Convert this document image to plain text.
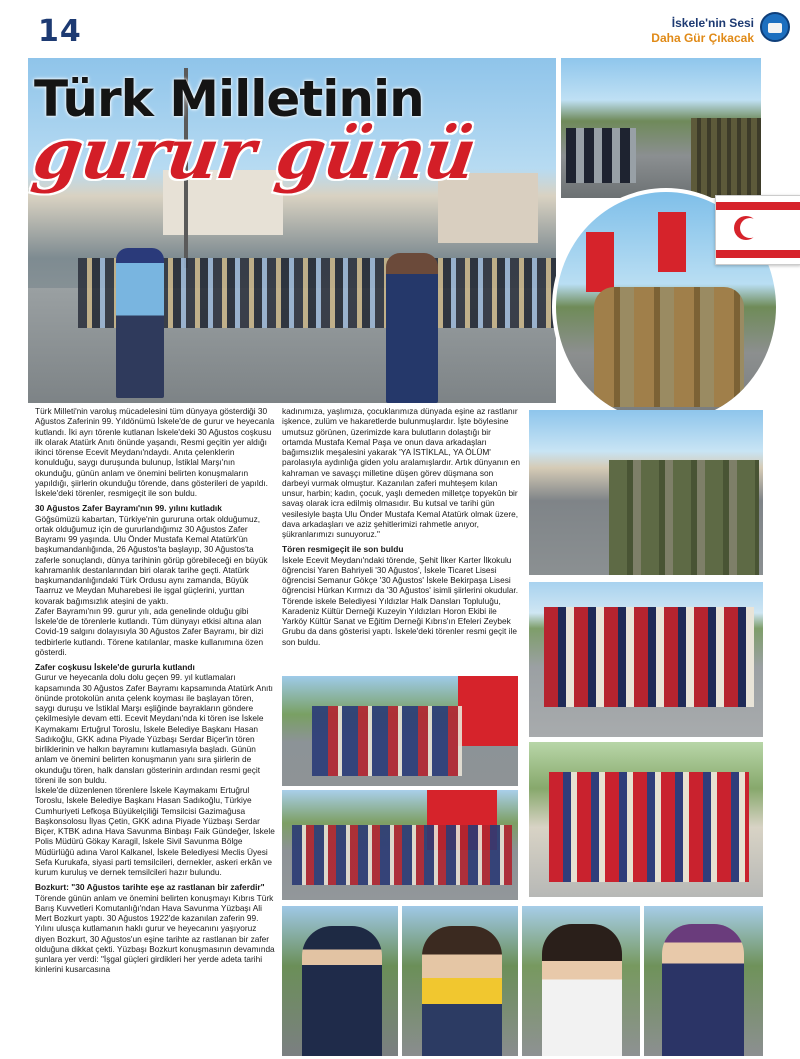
14	İskele'nin Sesi
Daha Gür Çıkacak
Türk Milletinin
gurur günü

Türk Milleti'nin varoluş mücadelesini tüm dünyaya gösterdiği 30 Ağustos Zaferinin 99. Yıldönümü İskele'de de gurur ve heyecanla kutlandı. İki ayrı törenle kutlanan İskele'deki 30 Ağustos coşkusu ilk olarak Atatürk Anıtı önünde yaşandı, Resmi geçitin yer aldığı ikinci törense Ecevit Meydanı'ndaydı. Anıta çelenklerin konulduğu, saygı duruşunda bulunup, İstiklal Marşı'nın okunduğu, günün anlam ve önemini belirten konuşmaların yapıldığı, şiirlerin okunduğu törende, dans gösterileri de yapıldı. İskele'deki törenler, resmigeçit ile son buldu.

30 Ağustos Zafer Bayramı'nın 99. yılını kutladık

Göğsümüzü kabartan, Türkiye'nin gururuna ortak olduğumuz, ortak olduğumuz için de gururlandığımız 30 Ağustos Zafer Bayramı 99 yaşında. Ulu Önder Mustafa Kemal Atatürk'ün başkumandanlığında, 26 Ağustos'ta başlayıp, 30 Ağustos'ta zaferle sonuçlandı, dünya tarihinin görüp görebileceği en büyük kahramanlık destanlarından biri olarak tarihe geçti. Atatürk başkumandanlığındaki Türk Ordusu aynı zamanda, Büyük Taarruz ve Meydan Muharebesi ile işgal güçlerini, yurttan kovarak bağımsızlık ateşini de yaktı.

Zafer Bayramı'nın 99. gurur yılı, ada genelinde olduğu gibi İskele'de de törenlerle kutlandı. Tüm dünyayı etkisi altına alan Covid-19 salgını dolayısıyla 30 Ağustos Zafer Bayramı, bir dizi tedbirlerle kutlandı. Törene katılanlar, maske kullanımına özen gösterdi.

Zafer coşkusu İskele'de gururla kutlandı

Gurur ve heyecanla dolu dolu geçen 99. yıl kutlamaları kapsamında 30 Ağustos Zafer Bayramı kapsamında Atatürk Anıtı önünde protokolün anıta çelenk koyması ile başlayan tören, saygı duruşu ve İstiklal Marşı eşliğinde bayrakların göndere çekilmesiyle devam etti. Ecevit Meydanı'nda ki tören ise İskele Kaymakamı Ertuğrul Toroslu, İskele Belediye Başkanı Hasan Sadıkoğlu, GKK adına Piyade Yüzbaşı Serdar Biçer'in tören birliklerinin ve halkın bayramını kutlamasıyla başladı. Günün anlam ve önemini belirten konuşmanın yanı sıra şiirlerin de okunduğu tören, halk dansları gösterinin ardından resmi geçit töreni ile son buldu.

İskele'de düzenlenen törenlere İskele Kaymakamı Ertuğrul Toroslu, İskele Belediye Başkanı Hasan Sadıkoğlu, Türkiye Cumhuriyeti Lefkoşa Büyükelçiliği Temsilcisi Gazimağusa Başkonsolosu İlyas Çetin, GKK adına Piyade Yüzbaşı Serdar Biçer, KTBK adına Hava Savunma Binbaşı Faik Gündeğer, İskele Polis Müdürü Gökay Karagil, İskele Sivil Savunma Bölge Müdürlüğü adına Varol Kalkanel, İskele Belediyesi Meclis Üyesi Sefa Kurukafa, siyasi parti temsilcileri, dernekler, askeri erkân ve kurum kuruluş ve dernek temsilcileri hazır bulundu.

Bozkurt: "30 Ağustos tarihte eşe az rastlanan bir zaferdir"

Törende günün anlam ve önemini belirten konuşmayı Kıbrıs Türk Barış Kuvvetleri Komutanlığı'ndan Hava Savunma Yüzbaşı Ali Mert Bozkurt yaptı. 30 Ağustos 1922'de kazanılan zaferin 99. Yılını ulusça kutlamanın haklı gurur ve heyecanını yaşıyoruz diyen Bozkurt, 30 Ağustos'un eşine tarihte az rastlanan bir zafer olduğuna dikkat çekti. Yüzbaşı Bozkurt konuşmasının devamında şunlara yer verdi: "İşgal güçleri girdikleri her yerde adeta tarihi kinlerini kusarcasına

kadınımıza, yaşlımıza, çocuklarımıza dünyada eşine az rastlanır işkence, zulüm ve hakaretlerde bulunmuşlardır. İşte böylesine umutsuz görünen, üzerimizde kara bulutların dolaştığı bir ortamda Mustafa Kemal Paşa ve onun dava arkadaşları bağımsızlık meşalesini yakarak 'YA İSTİKLAL, YA ÖLÜM' parolasıyla aydınlığa giden yolu aralamışlardır. Artık dünyanın en kahraman ve savaşçı milletine düşen görev düşmana son darbeyi vurmak olmuştur. Kazanılan zaferi muhteşem kılan unsur, harbin; kadın, çocuk, yaşlı demeden milletçe topyekûn bir savaş olarak icra edilmiş olmasıdır. Bu kutsal ve tarihi gün vesilesiyle başta Ulu Önder Mustafa Kemal Atatürk olmak üzere, dava arkadaşları ve aziz şehitlerimizi rahmetle anıyor, şükranlarımızı sunuyoruz."

Tören resmigeçit ile son buldu

İskele Ecevit Meydanı'ndaki törende, Şehit İlker Karter İlkokulu öğrencisi Yaren Bahriyeli '30 Ağustos', İskele Ticaret Lisesi öğrencisi Semanur Gökçe '30 Ağustos' İskele Bekirpaşa Lisesi öğrencisi Hürkan Kırmızı da '30 Ağustos' isimli şiirlerini okudular. Törende iskele Belediyesi Yıldızlar Halk Dansları Topluluğu, Karadeniz Kültür Derneği Kuzeyin Yıldızları Horon Ekibi ile Yarköy Kültür Sanat ve Eğitim Derneği Kıbrıs'ın Efeleri Zeybek Grubu da dans gösterisi yaptı. İskele'deki törenler resmi geçit ile son buldu.
